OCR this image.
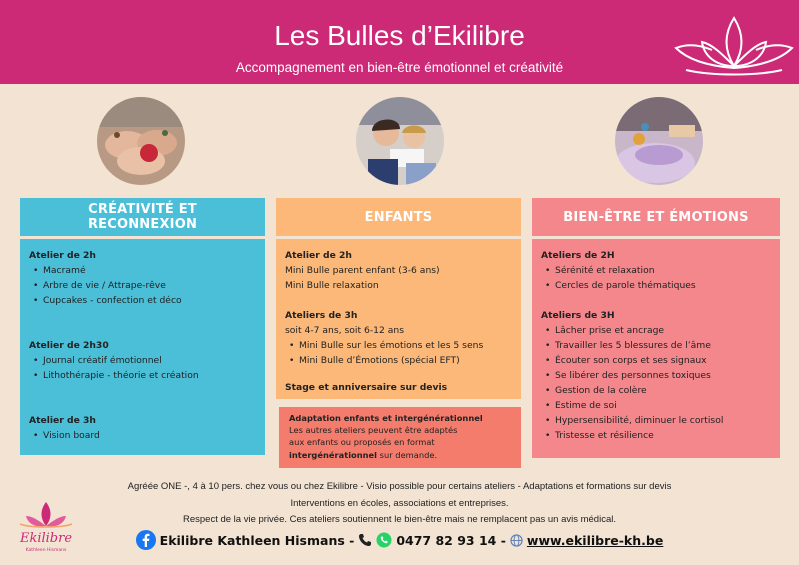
Les Bulles d’Ekilibre
Accompagnement en bien-être émotionnel et créativité
CRÉATIVITÉ ET RECONNEXION	ENFANTS	BIEN-ÊTRE ET ÉMOTIONS
Atelier de 2h
• Macramé
• Arbre de vie / Attrape-rêve
• Cupcakes - confection et déco
Atelier de 2h30
• Journal créatif émotionnel
• Lithothérapie - théorie et création
Atelier de 3h
• Vision board
Atelier de 2h
Mini Bulle parent enfant (3-6 ans)
Mini Bulle relaxation
Ateliers de 3h
soit 4-7 ans, soit 6-12 ans
• Mini Bulle sur les émotions et les 5 sens
• Mini Bulle d’Émotions (spécial EFT)
Stage et anniversaire sur devis
Adaptation enfants et intergénérationnel
Les autres ateliers peuvent être adaptés
aux enfants ou proposés en format
intergénérationnel sur demande.
Ateliers de 2H
• Sérénité et relaxation
• Cercles de parole thématiques
Ateliers de 3H
• Lâcher prise et ancrage
• Travailler les 5 blessures de l’âme
• Écouter son corps et ses signaux
• Se libérer des personnes toxiques
• Gestion de la colère
• Estime de soi
• Hypersensibilité, diminuer le cortisol
• Tristesse et résilience
Ekilibre
Kathleen Hismans
Agréée ONE -, 4 à 10 pers. chez vous ou chez Ekilibre - Visio possible pour certains ateliers - Adaptations et formations sur devis
Interventions en écoles, associations et entreprises.
Respect de la vie privée. Ces ateliers soutiennent le bien-être mais ne remplacent pas un avis médical.
Ekilibre Kathleen Hismans -	0477 82 93 14 - www.ekilibre-kh.be
